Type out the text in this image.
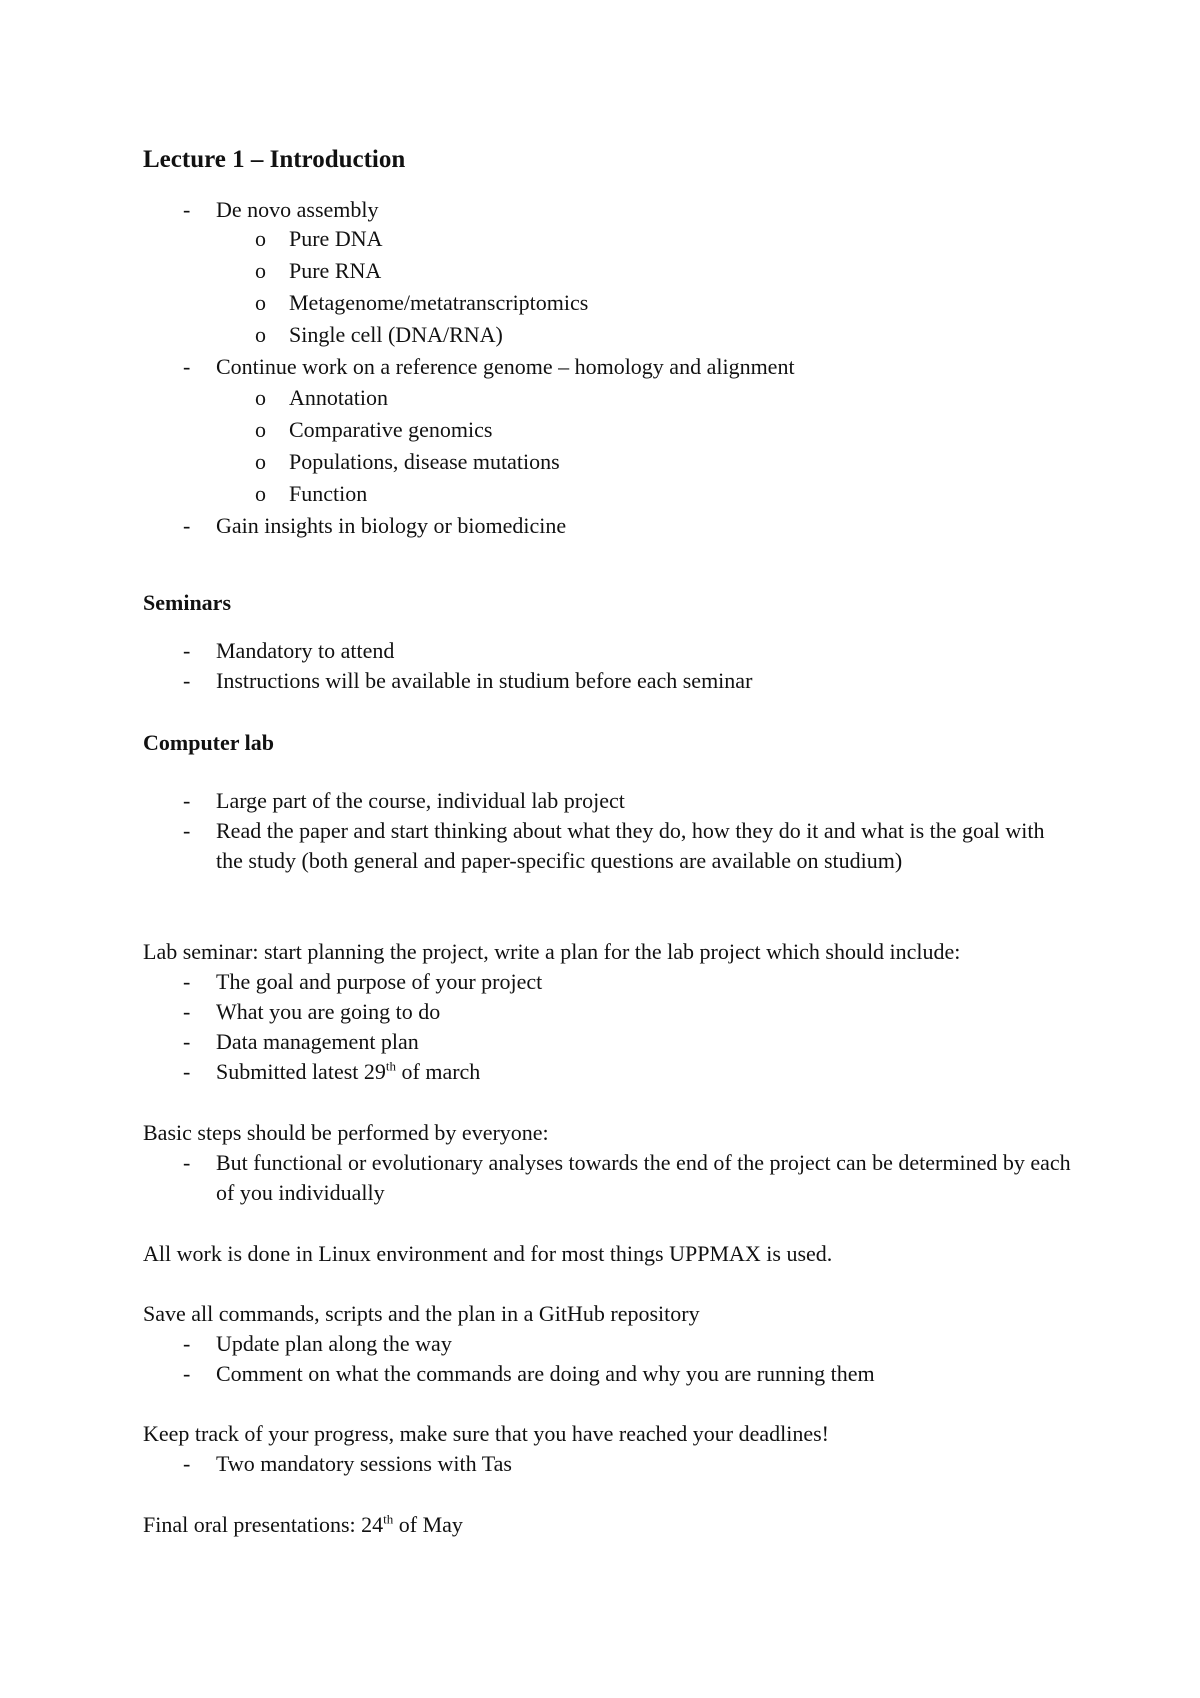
Lecture 1 – Introduction
- De novo assembly
o Pure DNA
o Pure RNA
o Metagenome/metatranscriptomics
o Single cell (DNA/RNA)
- Continue work on a reference genome – homology and alignment
o Annotation
o Comparative genomics
o Populations, disease mutations
o Function
- Gain insights in biology or biomedicine
Seminars
- Mandatory to attend
- Instructions will be available in studium before each seminar
Computer lab
- Large part of the course, individual lab project
- Read the paper and start thinking about what they do, how they do it and what is the goal with the study (both general and paper-specific questions are available on studium)
Lab seminar: start planning the project, write a plan for the lab project which should include:
- The goal and purpose of your project
- What you are going to do
- Data management plan
- Submitted latest 29th of march
Basic steps should be performed by everyone:
- But functional or evolutionary analyses towards the end of the project can be determined by each of you individually
All work is done in Linux environment and for most things UPPMAX is used.
Save all commands, scripts and the plan in a GitHub repository
- Update plan along the way
- Comment on what the commands are doing and why you are running them
Keep track of your progress, make sure that you have reached your deadlines!
- Two mandatory sessions with Tas
Final oral presentations: 24th of May
